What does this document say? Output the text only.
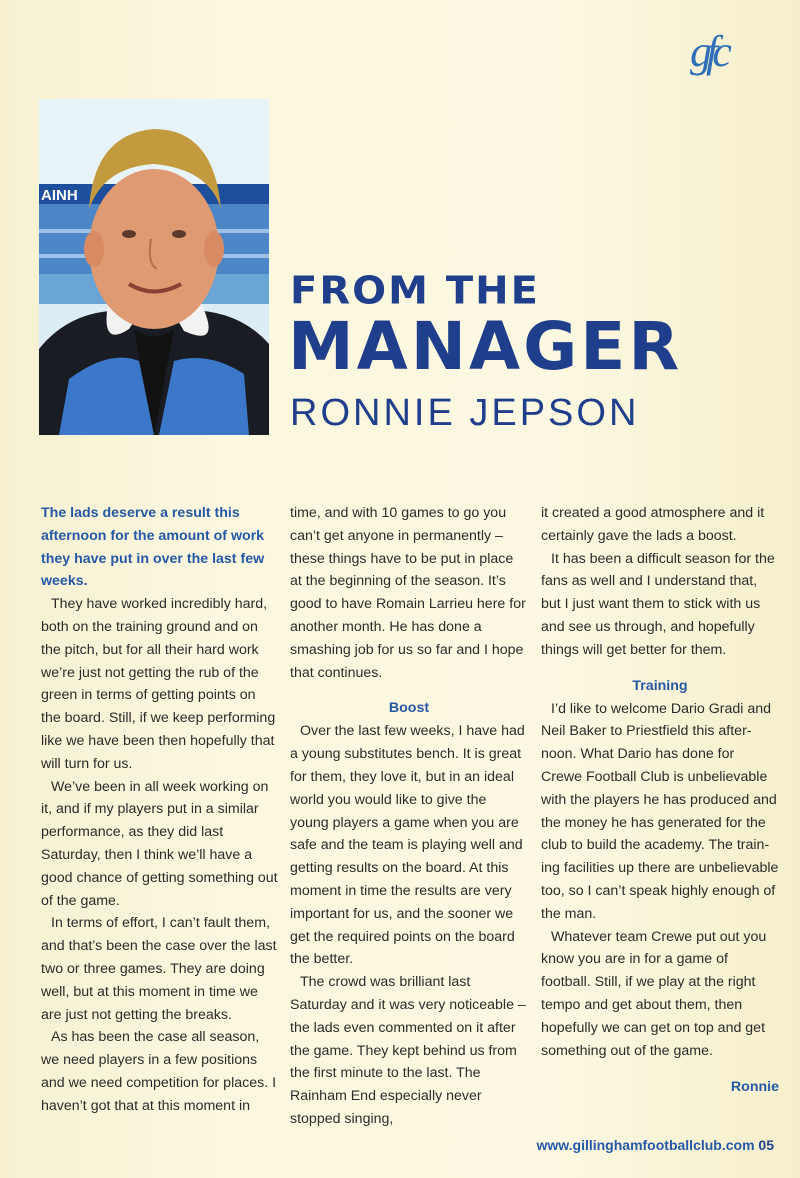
gfc
AINH
FROM THE
MANAGER
RONNIE JEPSON

The lads deserve a result this afternoon for the amount of work they have put in over the last few weeks.

They have worked incredibly hard, both on the training ground and on the pitch, but for all their hard work we’re just not getting the rub of the green in terms of getting points on the board. Still, if we keep performing like we have been then hopefully that will turn for us.

We’ve been in all week working on it, and if my players put in a similar performance, as they did last Saturday, then I think we’ll have a good chance of getting something out of the game.

In terms of effort, I can’t fault them, and that’s been the case over the last two or three games. They are doing well, but at this moment in time we are just not getting the breaks.

As has been the case all season, we need players in a few positions and we need competition for places. I haven’t got that at this moment in

time, and with 10 games to go you can’t get anyone in permanently – these things have to be put in place at the beginning of the season. It’s good to have Romain Larrieu here for another month. He has done a smashing job for us so far and I hope that continues.

Boost

Over the last few weeks, I have had a young substitutes bench. It is great for them, they love it, but in an ideal world you would like to give the young players a game when you are safe and the team is playing well and getting results on the board. At this moment in time the results are very important for us, and the sooner we get the required points on the board the better.

The crowd was brilliant last Saturday and it was very noticeable – the lads even commented on it after the game. They kept behind us from the first minute to the last. The Rainham End especially never stopped singing,

it created a good atmosphere and it certainly gave the lads a boost.

It has been a difficult season for the fans as well and I understand that, but I just want them to stick with us and see us through, and hopefully things will get better for them.

Training

I’d like to welcome Dario Gradi and Neil Baker to Priestfield this afternoon. What Dario has done for Crewe Football Club is unbelievable with the players he has produced and the money he has generated for the club to build the academy. The training facilities up there are unbelievable too, so I can’t speak highly enough of the man.

Whatever team Crewe put out you know you are in for a game of football. Still, if we play at the right tempo and get about them, then hopefully we can get on top and get something out of the game.

Ronnie

www.gillinghamfootballclub.com 05
